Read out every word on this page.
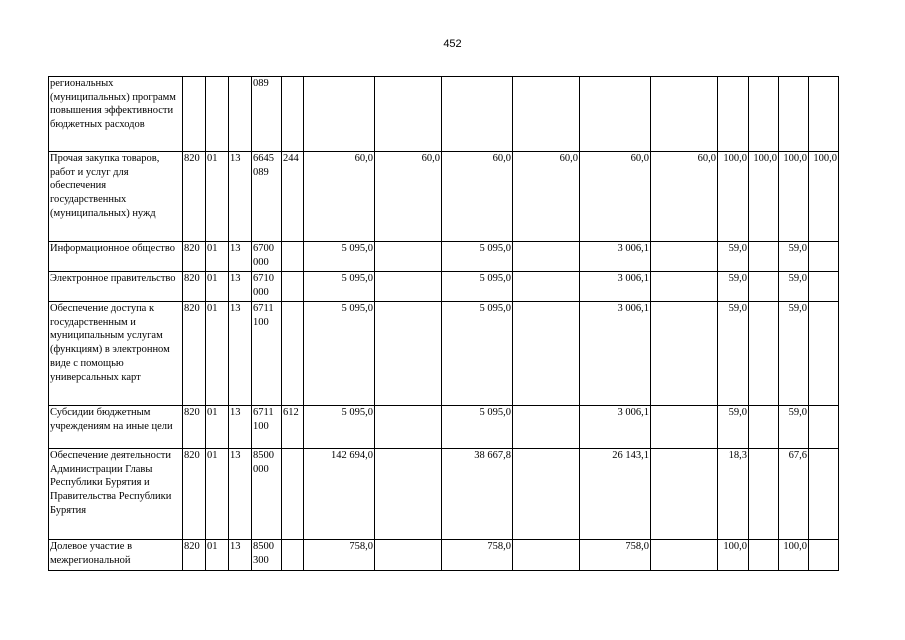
452
региональных (муниципальных) программ повышения эффективности бюджетных расходов				089											
Прочая закупка товаров, работ и услуг для обеспечения государственных (муниципальных) нужд	820	01	13	6645 089	244	60,0	60,0	60,0	60,0	60,0	60,0	100,0	100,0	100,0	100,0
Информационное общество	820	01	13	6700 000		5 095,0		5 095,0		3 006,1		59,0		59,0	
Электронное правительство	820	01	13	6710 000		5 095,0		5 095,0		3 006,1		59,0		59,0	
Обеспечение доступа к государственным и муниципальным услугам (функциям) в электронном виде с помощью универсальных карт	820	01	13	6711 100		5 095,0		5 095,0		3 006,1		59,0		59,0	
Субсидии бюджетным учреждениям на иные цели	820	01	13	6711 100	612	5 095,0		5 095,0		3 006,1		59,0		59,0	
Обеспечение деятельности Администрации Главы Республики Бурятия и Правительства Республики Бурятия	820	01	13	8500 000		142 694,0		38 667,8		26 143,1		18,3		67,6	
Долевое участие в межрегиональной	820	01	13	8500 300		758,0		758,0		758,0		100,0		100,0	
